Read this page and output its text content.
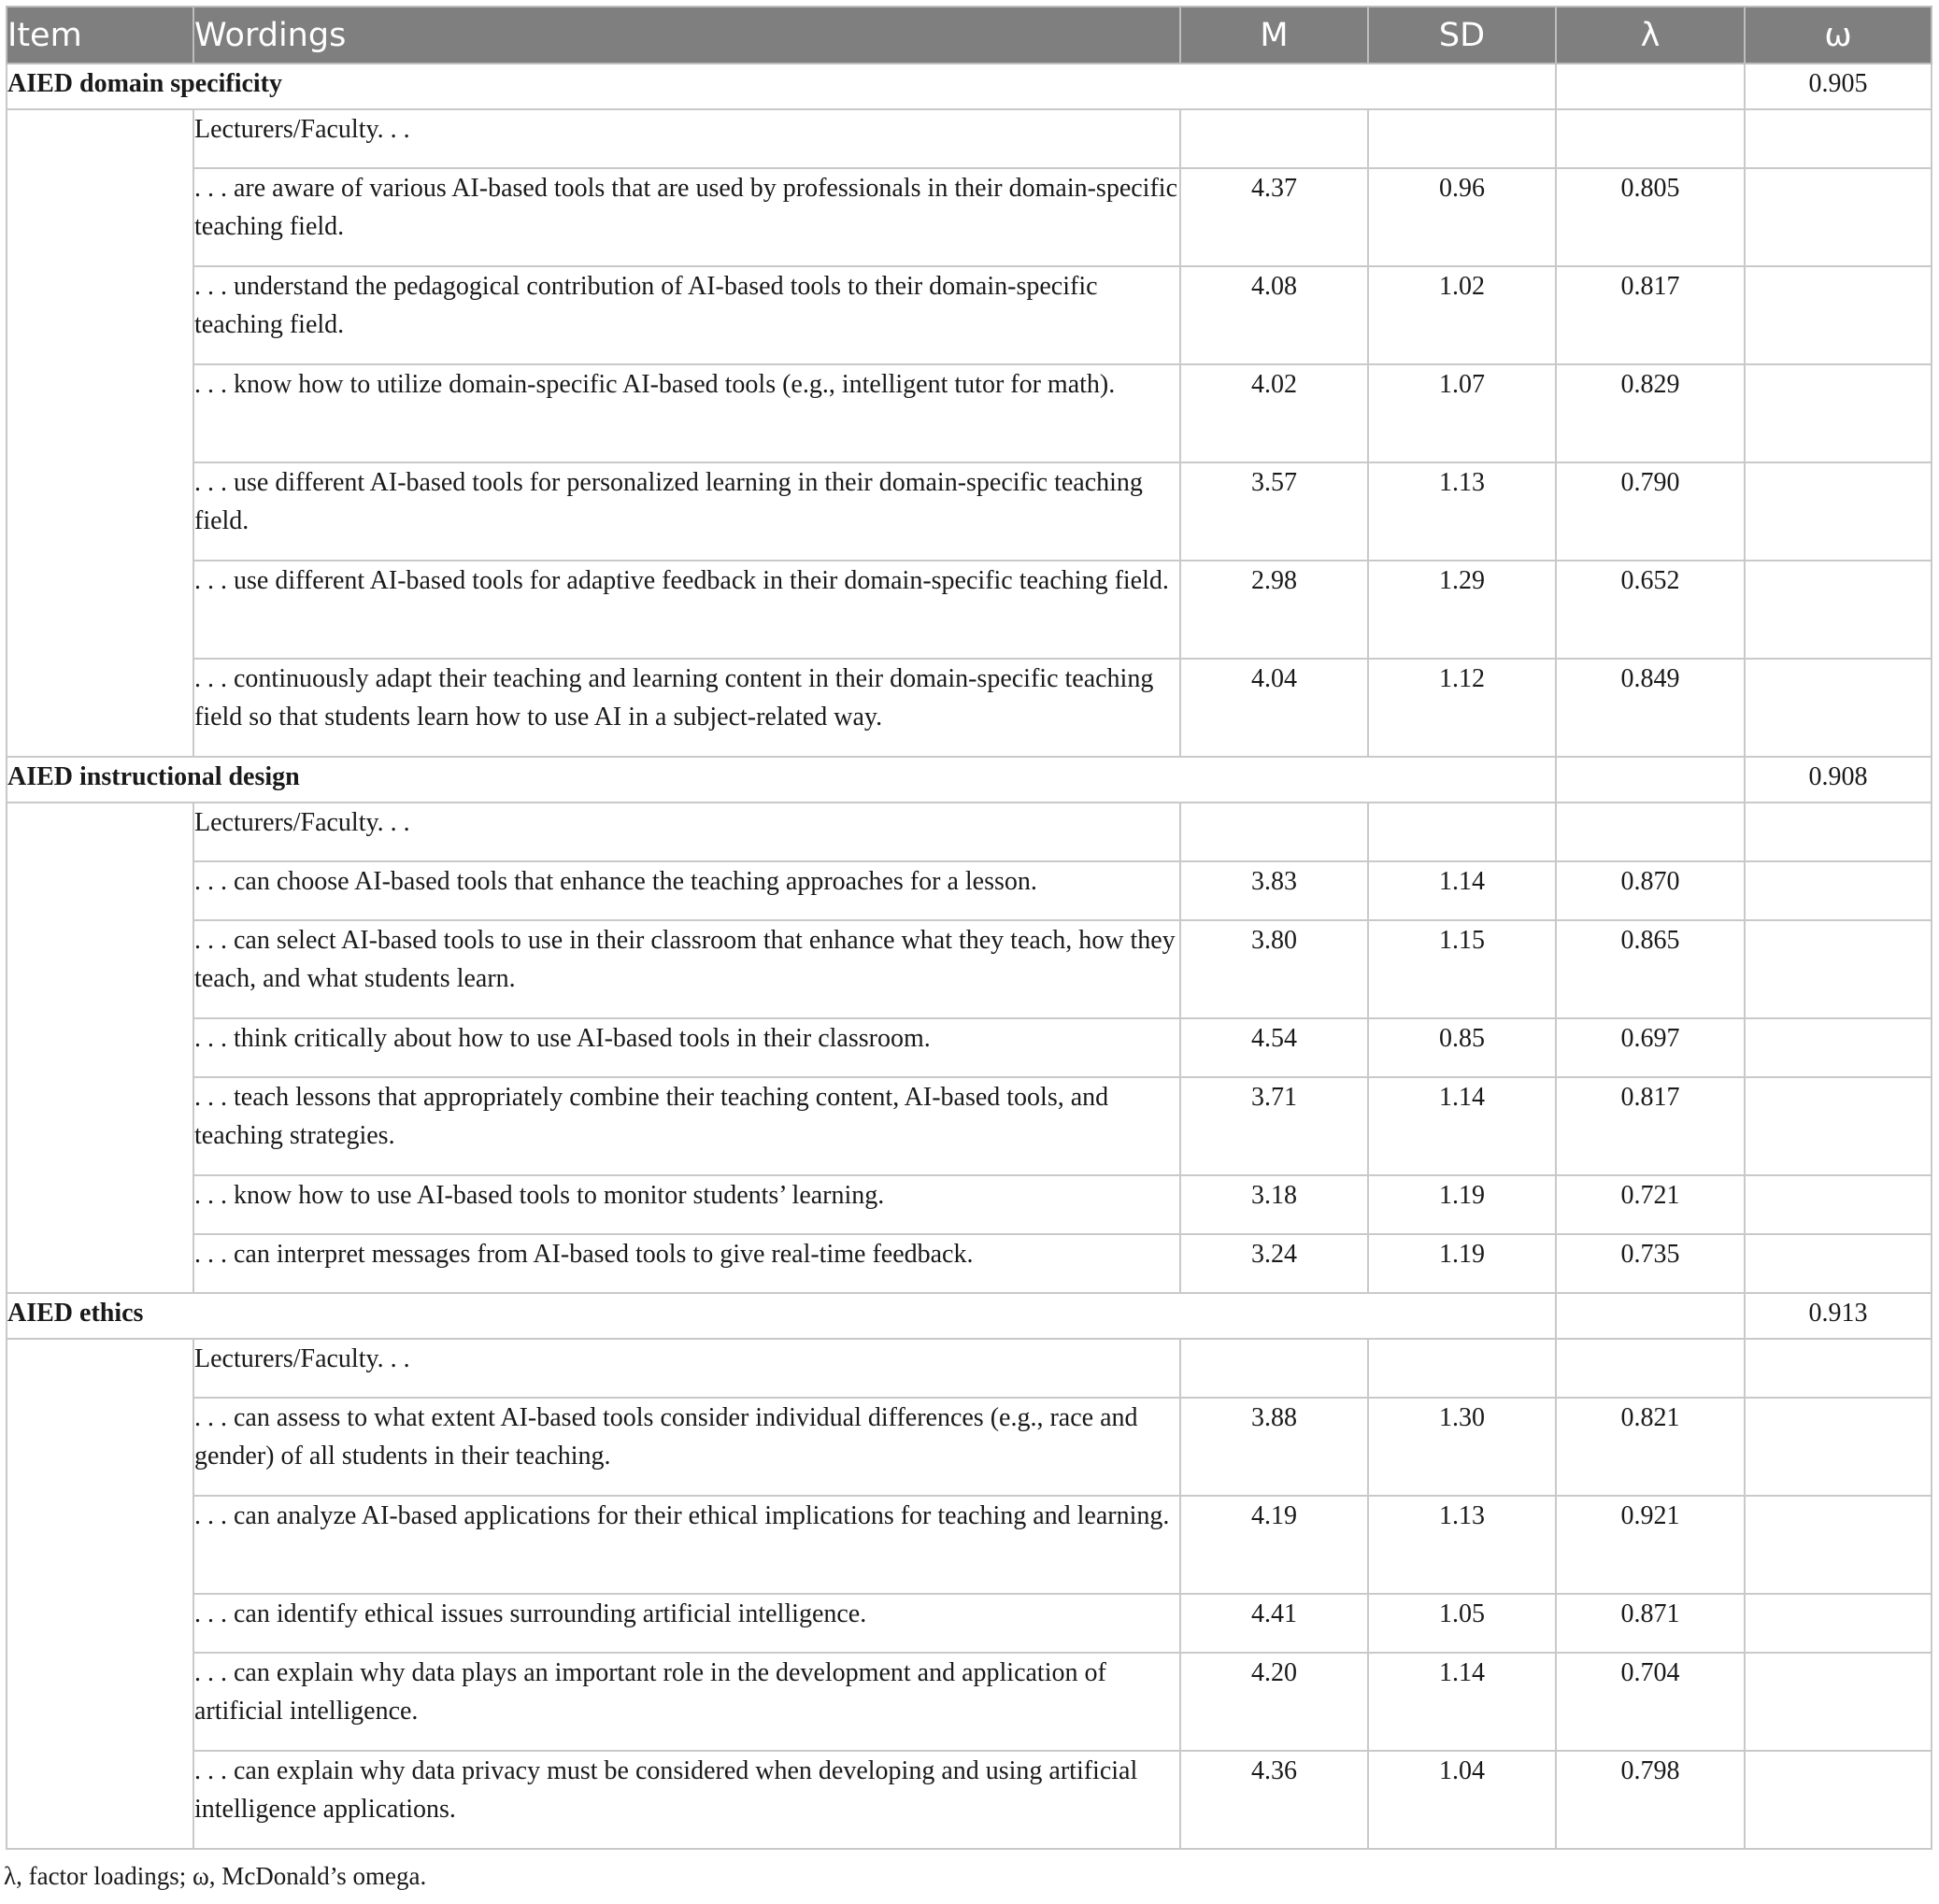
Item	Wordings	M	SD	λ	ω
AIED domain specificity					0.905
	Lecturers/Faculty. . .				
	. . . are aware of various AI-based tools that are used by professionals in their domain-specific teaching field.	4.37	0.96	0.805	
	. . . understand the pedagogical contribution of AI-based tools to their domain-specific teaching field.	4.08	1.02	0.817	
	. . . know how to utilize domain-specific AI-based tools (e.g., intelligent tutor for math).	4.02	1.07	0.829	
	. . . use different AI-based tools for personalized learning in their domain-specific teaching field.	3.57	1.13	0.790	
	. . . use different AI-based tools for adaptive feedback in their domain-specific teaching field.	2.98	1.29	0.652	
	. . . continuously adapt their teaching and learning content in their domain-specific teaching field so that students learn how to use AI in a subject-related way.	4.04	1.12	0.849	
AIED instructional design					0.908
	Lecturers/Faculty. . .				
	. . . can choose AI-based tools that enhance the teaching approaches for a lesson.	3.83	1.14	0.870	
	. . . can select AI-based tools to use in their classroom that enhance what they teach, how they teach, and what students learn.	3.80	1.15	0.865	
	. . . think critically about how to use AI-based tools in their classroom.	4.54	0.85	0.697	
	. . . teach lessons that appropriately combine their teaching content, AI-based tools, and teaching strategies.	3.71	1.14	0.817	
	. . . know how to use AI-based tools to monitor students’ learning.	3.18	1.19	0.721	
	. . . can interpret messages from AI-based tools to give real-time feedback.	3.24	1.19	0.735	
AIED ethics					0.913
	Lecturers/Faculty. . .				
	. . . can assess to what extent AI-based tools consider individual differences (e.g., race and gender) of all students in their teaching.	3.88	1.30	0.821	
	. . . can analyze AI-based applications for their ethical implications for teaching and learning.	4.19	1.13	0.921	
	. . . can identify ethical issues surrounding artificial intelligence.	4.41	1.05	0.871	
	. . . can explain why data plays an important role in the development and application of artificial intelligence.	4.20	1.14	0.704	
	. . . can explain why data privacy must be considered when developing and using artificial intelligence applications.	4.36	1.04	0.798	
λ, factor loadings; ω, McDonald’s omega.
